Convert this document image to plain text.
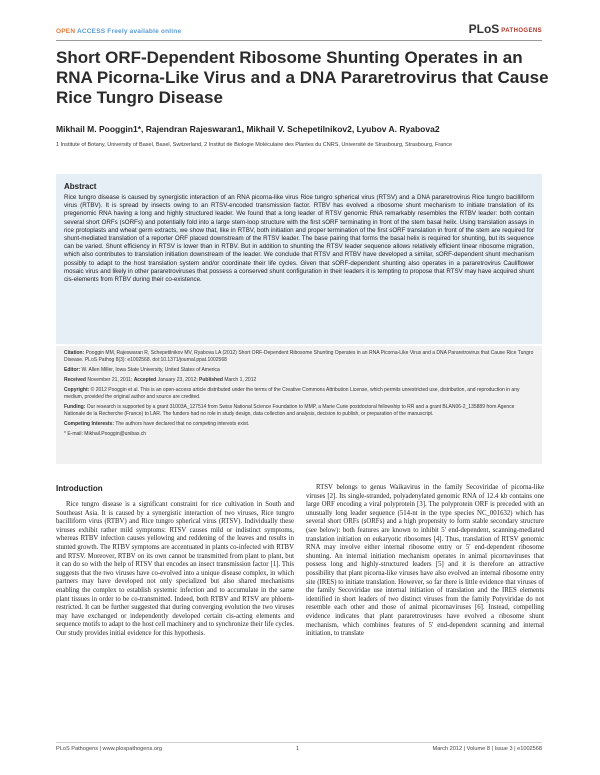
OPEN ACCESS Freely available online	PLoS PATHOGENS
Short ORF-Dependent Ribosome Shunting Operates in an RNA Picorna-Like Virus and a DNA Pararetrovirus that Cause Rice Tungro Disease
Mikhail M. Pooggin1*, Rajendran Rajeswaran1, Mikhail V. Schepetilnikov2, Lyubov A. Ryabova2
1 Institute of Botany, University of Basel, Basel, Switzerland, 2 Institut de Biologie Moléculaire des Plantes du CNRS, Université de Strasbourg, Strasbourg, France
Abstract
Rice tungro disease is caused by synergistic interaction of an RNA picorna-like virus Rice tungro spherical virus (RTSV) and a DNA pararetrovirus Rice tungro bacilliform virus (RTBV). It is spread by insects owing to an RTSV-encoded transmission factor. RTBV has evolved a ribosome shunt mechanism to initiate translation of its pregenomic RNA having a long and highly structured leader. We found that a long leader of RTSV genomic RNA remarkably resembles the RTBV leader: both contain several short ORFs (sORFs) and potentially fold into a large stem-loop structure with the first sORF terminating in front of the stem basal helix. Using translation assays in rice protoplasts and wheat germ extracts, we show that, like in RTBV, both initiation and proper termination of the first sORF translation in front of the stem are required for shunt-mediated translation of a reporter ORF placed downstream of the RTSV leader. The base pairing that forms the basal helix is required for shunting, but its sequence can be varied. Shunt efficiency in RTSV is lower than in RTBV. But in addition to shunting the RTSV leader sequence allows relatively efficient linear ribosome migration, which also contributes to translation initiation downstream of the leader. We conclude that RTSV and RTBV have developed a similar, sORF-dependent shunt mechanism possibly to adapt to the host translation system and/or coordinate their life cycles. Given that sORF-dependent shunting also operates in a pararetrovirus Cauliflower mosaic virus and likely in other pararetroviruses that possess a conserved shunt configuration in their leaders it is tempting to propose that RTSV may have acquired shunt cis-elements from RTBV during their co-existence.

Citation: Pooggin MM, Rajeswaran R, Schepetilnikov MV, Ryabova LA (2012) Short ORF-Dependent Ribosome Shunting Operates in an RNA Picorna-Like Virus and a DNA Pararetrovirus that Cause Rice Tungro Disease. PLoS Pathog 8(3): e1002568. doi:10.1371/journal.ppat.1002568

Editor: W. Allen Miller, Iowa State University, United States of America

Received November 21, 2011; Accepted January 23, 2012; Published March 1, 2012

Copyright: © 2012 Pooggin et al. This is an open-access article distributed under the terms of the Creative Commons Attribution License, which permits unrestricted use, distribution, and reproduction in any medium, provided the original author and source are credited.

Funding: Our research is supported by a grant 31003A_127514 from Swiss National Science Foundation to MMP, a Marie Curie postdoctoral fellowship to RR and a grant BLAN06-2_135889 from Agence Nationale de la Recherche (France) to LAR. The funders had no role in study design, data collection and analysis, decision to publish, or preparation of the manuscript.

Competing Interests: The authors have declared that no competing interests exist.

* E-mail: Mikhail.Pooggin@unibas.ch

Introduction

Rice tungro disease is a significant constraint for rice cultivation in South and Southeast Asia. It is caused by a synergistic interaction of two viruses, Rice tungro bacilliform virus (RTBV) and Rice tungro spherical virus (RTSV). Individually these viruses exhibit rather mild symptoms: RTSV causes mild or indistinct symptoms, whereas RTBV infection causes yellowing and reddening of the leaves and results in stunted growth. The RTBV symptoms are accentuated in plants co-infected with RTBV and RTSV. Moreover, RTBV on its own cannot be transmitted from plant to plant, but it can do so with the help of RTSV that encodes an insect transmission factor [1]. This suggests that the two viruses have co-evolved into a unique disease complex, in which partners may have developed not only specialized but also shared mechanisms enabling the complex to establish systemic infection and to accumulate in the same plant tissues in order to be co-transmitted. Indeed, both RTBV and RTSV are phloem-restricted. It can be further suggested that during converging evolution the two viruses may have exchanged or independently developed certain cis-acting elements and sequence motifs to adapt to the host cell machinery and to synchronize their life cycles. Our study provides initial evidence for this hypothesis.

RTSV belongs to genus Waikavirus in the family Secoviridae of picorna-like viruses [2]. Its single-stranded, polyadenylated genomic RNA of 12.4 kb contains one large ORF encoding a viral polyprotein [3]. The polyprotein ORF is preceded with an unusually long leader sequence (514-nt in the type species NC_001632) which has several short ORFs (sORFs) and a high propensity to form stable secondary structure (see below): both features are known to inhibit 5' end-dependent, scanning-mediated translation initiation on eukaryotic ribosomes [4]. Thus, translation of RTSV genomic RNA may involve either internal ribosome entry or 5' end-dependent ribosome shunting. An internal initiation mechanism operates in animal picornaviruses that possess long and highly-structured leaders [5] and it is therefore an attractive possibility that plant picorna-like viruses have also evolved an internal ribosome entry site (IRES) to initiate translation. However, so far there is little evidence that viruses of the family Secoviridae use internal initiation of translation and the IRES elements identified in short leaders of two distinct viruses from the family Potyviridae do not resemble each other and those of animal picornaviruses [6]. Instead, compelling evidence indicates that plant pararetroviruses have evolved a ribosome shunt mechanism, which combines features of 5' end-dependent scanning and internal initiation, to translate

PLoS Pathogens | www.plospathogens.org	1	March 2012 | Volume 8 | Issue 3 | e1002568
